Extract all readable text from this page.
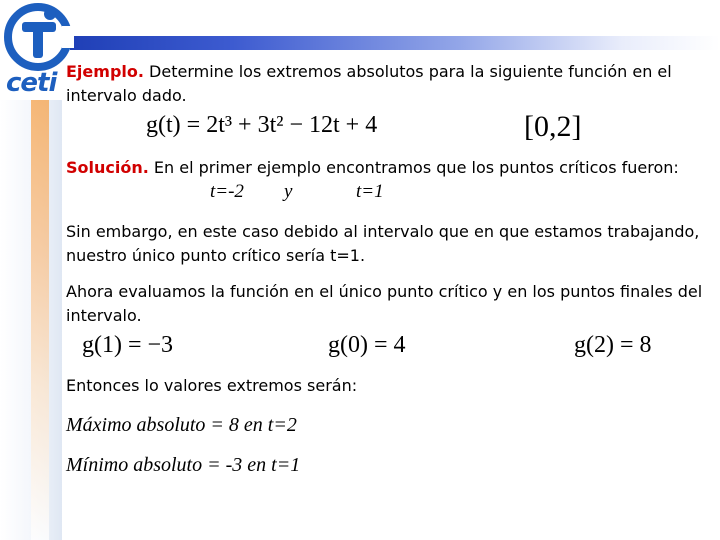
ceti Ejemplo. Determine los extremos absolutos para la siguiente función en el intervalo dado.

g(t) = 2t³ + 3t² − 12t + 4	[0,2]

Solución. En el primer ejemplo encontramos que los puntos críticos fueron:

t=-2 y	t=1

Sin embargo, en este caso debido al intervalo que en que estamos trabajando, nuestro único punto crítico sería t=1.

Ahora evaluamos la función en el único punto crítico y en los puntos finales del intervalo.

g(1) = −3	g(0) = 4	g(2) = 8

Entonces lo valores extremos serán:

Máximo absoluto = 8 en t=2
Mínimo absoluto = -3 en t=1
